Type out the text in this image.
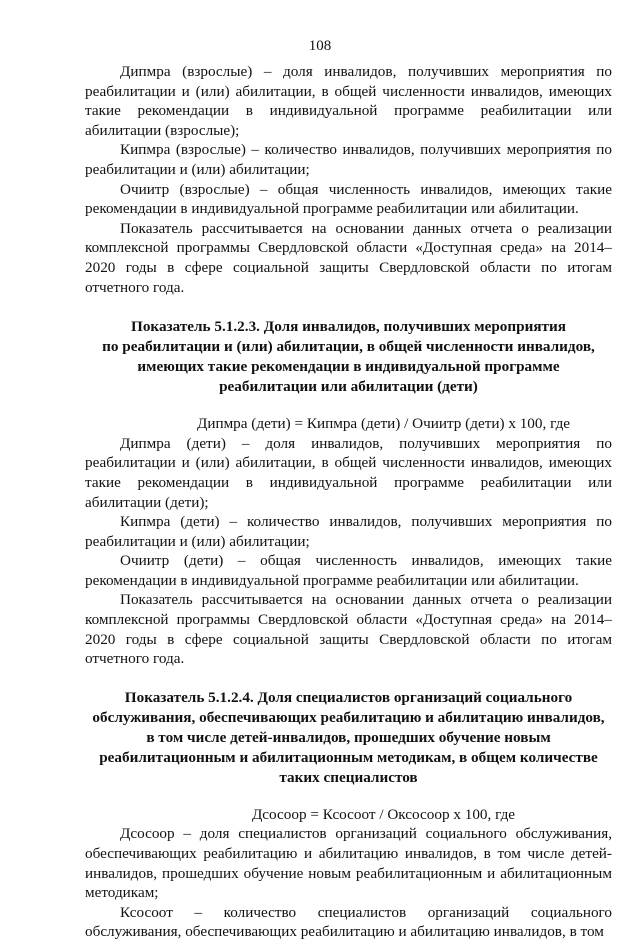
108

Дипмра (взрослые) – доля инвалидов, получивших мероприятия по реабилитации и (или) абилитации, в общей численности инвалидов, имеющих такие рекомендации в индивидуальной программе реабилитации или абилитации (взрослые);

Кипмра (взрослые) – количество инвалидов, получивших мероприятия по реабилитации и (или) абилитации;

Очиитр (взрослые) – общая численность инвалидов, имеющих такие рекомендации в индивидуальной программе реабилитации или абилитации.

Показатель рассчитывается на основании данных отчета о реализации комплексной программы Свердловской области «Доступная среда» на 2014–2020 годы в сфере социальной защиты Свердловской области по итогам отчетного года.

Показатель 5.1.2.3. Доля инвалидов, получивших мероприятия
по реабилитации и (или) абилитации, в общей численности инвалидов,
имеющих такие рекомендации в индивидуальной программе
реабилитации или абилитации (дети)

Дипмра (дети) = Кипмра (дети) / Очиитр (дети) х 100, где

Дипмра (дети) – доля инвалидов, получивших мероприятия по реабилитации и (или) абилитации, в общей численности инвалидов, имеющих такие рекомендации в индивидуальной программе реабилитации или абилитации (дети);

Кипмра (дети) – количество инвалидов, получивших мероприятия по реабилитации и (или) абилитации;

Очиитр (дети) – общая численность инвалидов, имеющих такие рекомендации в индивидуальной программе реабилитации или абилитации.

Показатель рассчитывается на основании данных отчета о реализации комплексной программы Свердловской области «Доступная среда» на 2014–2020 годы в сфере социальной защиты Свердловской области по итогам отчетного года.

Показатель 5.1.2.4. Доля специалистов организаций социального
обслуживания, обеспечивающих реабилитацию и абилитацию инвалидов,
в том числе детей-инвалидов, прошедших обучение новым
реабилитационным и абилитационным методикам, в общем количестве
таких специалистов

Дсосоор = Ксосоот / Оксосоор х 100, где

Дсосоор – доля специалистов организаций социального обслуживания, обеспечивающих реабилитацию и абилитацию инвалидов, в том числе детей-инвалидов, прошедших обучение новым реабилитационным и абилитационным методикам;

Ксосоот – количество специалистов организаций социального обслуживания, обеспечивающих реабилитацию и абилитацию инвалидов, в том
